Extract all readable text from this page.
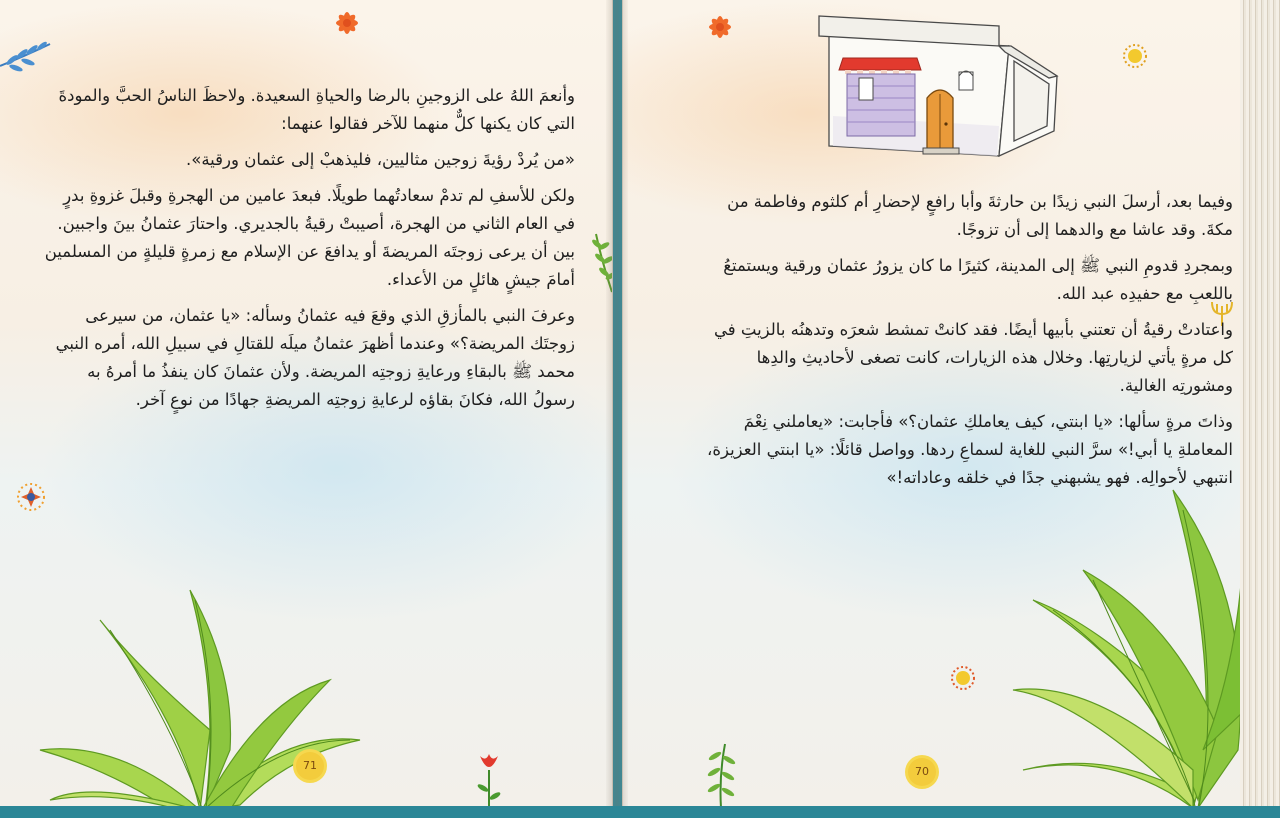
وأنعمَ اللهُ على الزوجينِ بالرضا والحياةِ السعيدة. ولاحظَ الناسُ الحبَّ والمودةَ التي كان يكنها كلٌّ منهما للآخر فقالوا عنهما:

«من يُردْ رؤيةَ زوجين مثاليين، فليذهبْ إلى عثمان ورقية».

ولكن للأسفِ لم تدمْ سعادتُهما طويلًا. فبعدَ عامين من الهجرةِ وقبلَ غزوةِ بدرٍ في العام الثاني من الهجرة، أصيبتْ رقيةُ بالجديري. واحتارَ عثمانُ بينَ واجبين. بين أن يرعى زوجتَه المريضةَ أو يدافعَ عن الإسلام مع زمرةٍ قليلةٍ من المسلمين أمامَ جيشٍ هائلٍ من الأعداء.

وعرفَ النبي بالمأزقِ الذي وقعَ فيه عثمانُ وسأله: «يا عثمان، من سيرعى زوجتَك المريضة؟» وعندما أظهرَ عثمانُ ميلَه للقتالِ في سبيلِ الله، أمره النبي محمد ﷺ بالبقاءِ ورعايةِ زوجتِه المريضة. ولأن عثمانَ كان ينفذُ ما أمرهُ به رسولُ الله، فكانَ بقاؤه لرعايةِ زوجتِه المريضةِ جهادًا من نوعٍ آخر.

71

وفيما بعد، أرسلَ النبي زيدًا بن حارثةَ وأبا رافعٍ لإحضارِ أم كلثوم وفاطمة من مكةَ. وقد عاشا مع والدهما إلى أن تزوجًا.

وبمجردِ قدومِ النبي ﷺ إلى المدينة، كثيرًا ما كان يزورُ عثمان ورقية ويستمتعُ باللعبِ مع حفيدِه عبد الله.

واعتادتْ رقيةُ أن تعتني بأبيها أيضًا. فقد كانتْ تمشط شعرَه وتدهنُه بالزيتِ في كل مرةٍ يأتي لزيارتِها. وخلال هذه الزيارات، كانت تصغى لأحاديثِ والدِها ومشورتِه الغالية.

وذاتَ مرةٍ سألها: «يا ابنتي، كيف يعاملكِ عثمان؟» فأجابت: «يعاملني نِعْمَ المعاملةِ يا أبي!» سرَّ النبي للغاية لسماعِ ردها. وواصل قائلًا: «يا ابنتي العزيزة، انتبهي لأحوالِه. فهو يشبهني جدًا في خلقه وعاداته!»

70
